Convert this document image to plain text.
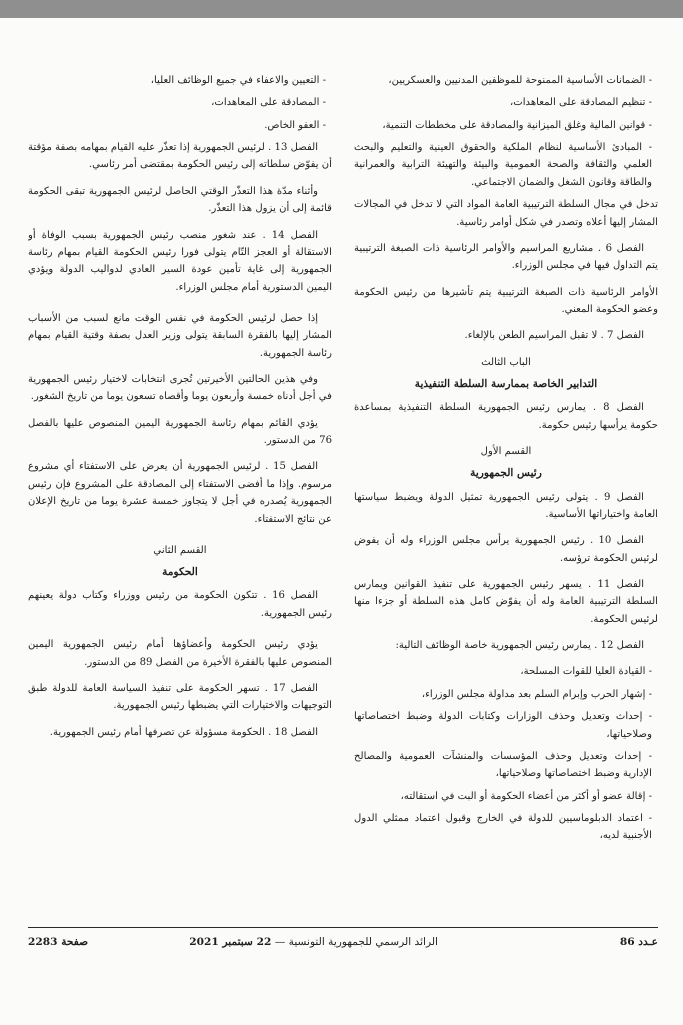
- الضمانات الأساسية الممنوحة للموظفين المدنيين والعسكريين،

- تنظيم المصادقة على المعاهدات،

- قوانين المالية وغلق الميزانية والمصادقة على مخططات التنمية،

- المبادئ الأساسية لنظام الملكية والحقوق العينية والتعليم والبحث العلمي والثقافة والصحة العمومية والبيئة والتهيئة الترابية والعمرانية والطاقة وقانون الشغل والضمان الاجتماعي.

تدخل في مجال السلطة الترتيبية العامة المواد التي لا تدخل في المجالات المشار إليها أعلاه وتصدر في شكل أوامر رئاسية.

الفصل 6 . مشاريع المراسيم والأوامر الرئاسية ذات الصبغة الترتيبية يتم التداول فيها في مجلس الوزراء.

الأوامر الرئاسية ذات الصبغة الترتيبية يتم تأشيرها من رئيس الحكومة وعضو الحكومة المعني.

الفصل 7 . لا تقبل المراسيم الطعن بالإلغاء.

الباب الثالث
التدابير الخاصة بممارسة السلطة التنفيذية

الفصل 8 . يمارس رئيس الجمهورية السلطة التنفيذية بمساعدة حكومة يرأسها رئيس حكومة.

القسم الأول
رئيس الجمهورية

الفصل 9 . يتولى رئيس الجمهورية تمثيل الدولة ويضبط سياستها العامة واختياراتها الأساسية.

الفصل 10 . رئيس الجمهورية يرأس مجلس الوزراء وله أن يفوض لرئيس الحكومة ترؤسه.

الفصل 11 . يسهر رئيس الجمهورية على تنفيذ القوانين ويمارس السلطة الترتيبية العامة وله أن يفوّض كامل هذه السلطة أو جزءا منها لرئيس الحكومة.

الفصل 12 . يمارس رئيس الجمهورية خاصة الوظائف التالية:

- القيادة العليا للقوات المسلحة،

- إشهار الحرب وإبرام السلم بعد مداولة مجلس الوزراء،

- إحداث وتعديل وحذف الوزارات وكتابات الدولة وضبط اختصاصاتها وصلاحياتها،

- إحداث وتعديل وحذف المؤسسات والمنشآت العمومية والمصالح الإدارية وضبط اختصاصاتها وصلاحياتها،

- إقالة عضو أو أكثر من أعضاء الحكومة أو البت في استقالته،

- اعتماد الدبلوماسيين للدولة في الخارج وقبول اعتماد ممثلي الدول الأجنبية لديه،

- التعيين والاعفاء في جميع الوظائف العليا،

- المصادقة على المعاهدات،

- العفو الخاص.

الفصل 13 . لرئيس الجمهورية إذا تعذّر عليه القيام بمهامه بصفة مؤقتة أن يفوّض سلطاته إلى رئيس الحكومة بمقتضى أمر رئاسي.

وأثناء مدّة هذا التعذّر الوقتي الحاصل لرئيس الجمهورية تبقى الحكومة قائمة إلى أن يزول هذا التعذّر.

الفصل 14 . عند شغور منصب رئيس الجمهورية بسبب الوفاة أو الاستقالة أو العجز التّام يتولى فورا رئيس الحكومة القيام بمهام رئاسة الجمهورية إلى غاية تأمين عودة السير العادي لدواليب الدولة ويؤدي اليمين الدستورية أمام مجلس الوزراء.

إذا حصل لرئيس الحكومة في نفس الوقت مانع لسبب من الأسباب المشار إليها بالفقرة السابقة يتولى وزير العدل بصفة وقتية القيام بمهام رئاسة الجمهورية.

وفي هذين الحالتين الأخيرتين تُجرى انتخابات لاختيار رئيس الجمهورية في أجل أدناه خمسة وأربعون يوما وأقصاه تسعون يوما من تاريخ الشغور.

يؤدي القائم بمهام رئاسة الجمهورية اليمين المنصوص عليها بالفصل 76 من الدستور.

الفصل 15 . لرئيس الجمهورية أن يعرض على الاستفتاء أي مشروع مرسوم. وإذا ما أفضى الاستفتاء إلى المصادقة على المشروع فإن رئيس الجمهورية يُصدره في أجل لا يتجاوز خمسة عشرة يوما من تاريخ الإعلان عن نتائج الاستفتاء.

القسم الثاني
الحكومة

الفصل 16 . تتكون الحكومة من رئيس ووزراء وكتاب دولة يعينهم رئيس الجمهورية.

يؤدي رئيس الحكومة وأعضاؤها أمام رئيس الجمهورية اليمين المنصوص عليها بالفقرة الأخيرة من الفصل 89 من الدستور.

الفصل 17 . تسهر الحكومة على تنفيذ السياسة العامة للدولة طبق التوجيهات والاختيارات التي يضبطها رئيس الجمهورية.

الفصل 18 . الحكومة مسؤولة عن تصرفها أمام رئيس الجمهورية.

عـدد 86
الرائد الرسمي للجمهورية التونسية — 22 سبتمبر 2021
صفحة 2283
